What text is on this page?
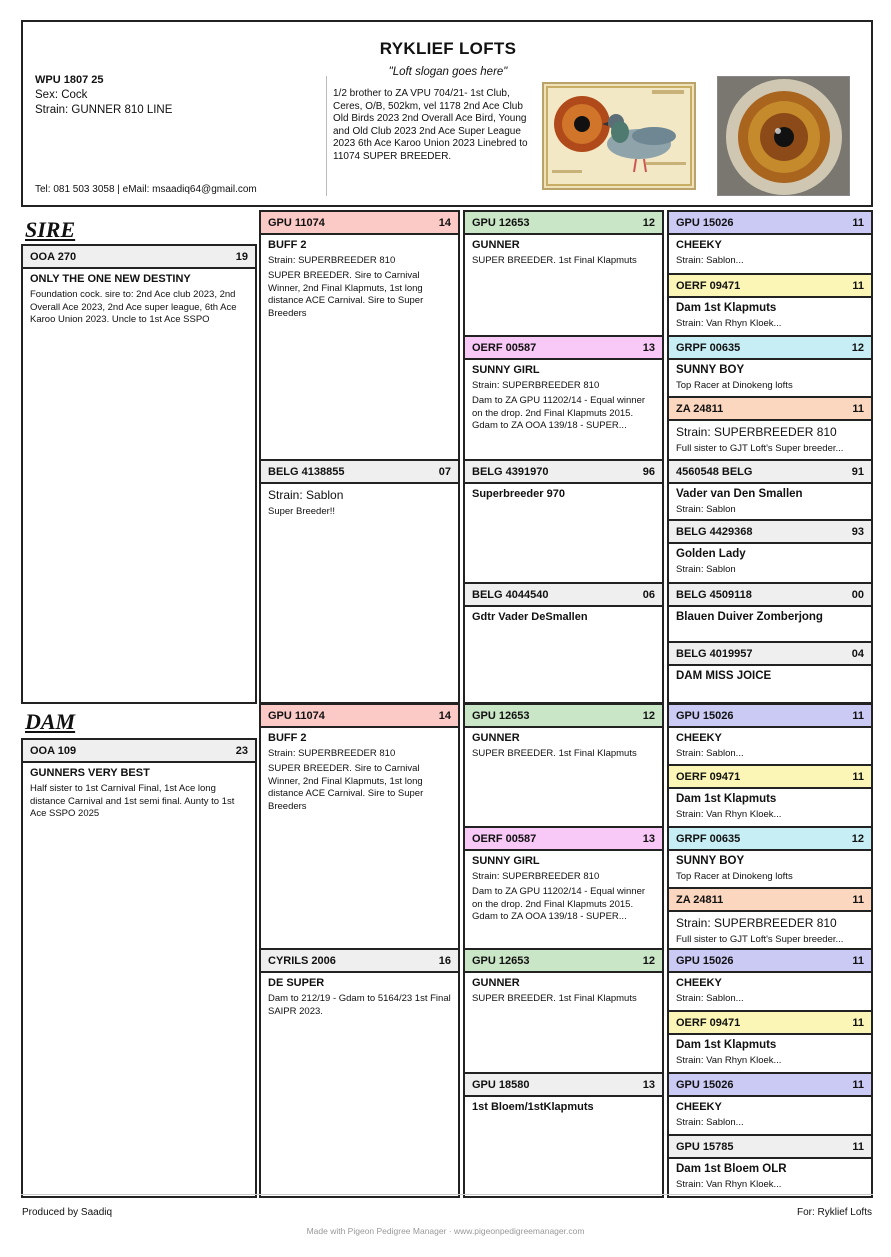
RYKLIEF LOFTS
"Loft slogan goes here"
WPU 1807 25
Sex: Cock
Strain: GUNNER 810 LINE
Tel: 081 503 3058 | eMail: msaadiq64@gmail.com
1/2 brother to ZA VPU 704/21- 1st Club, Ceres, O/B, 502km, vel 1178 2nd Ace Club Old Birds 2023 2nd Overall Ace Bird, Young and Old Club 2023 2nd Ace Super League 2023 6th Ace Karoo Union 2023 Linebred to 11074 SUPER BREEDER.
SIRE
OOA 270	19
ONLY THE ONE NEW DESTINY
Foundation cock. sire to: 2nd Ace club 2023, 2nd Overall Ace 2023, 2nd Ace super league, 6th Ace Karoo Union 2023. Uncle to 1st Ace SSPO
GPU 11074	14
BUFF 2
Strain: SUPERBREEDER 810
SUPER BREEDER. Sire to Carnival Winner, 2nd Final Klapmuts, 1st long distance ACE Carnival. Sire to Super Breeders
BELG 4138855	07
Strain: Sablon
Super Breeder!!
GPU 12653	12
GUNNER
SUPER BREEDER. 1st Final Klapmuts
OERF 00587	13
SUNNY GIRL
Strain: SUPERBREEDER 810
Dam to ZA GPU 11202/14 - Equal winner on the drop. 2nd Final Klapmuts 2015.
Gdam to ZA OOA 139/18 - SUPER...
BELG 4391970	96
Superbreeder 970
BELG 4044540	06
Gdtr Vader DeSmallen
GPU 15026	11
CHEEKY
Strain: Sablon...
OERF 09471	11
Dam 1st Klapmuts
Strain: Van Rhyn Kloek...
GRPF 00635	12
SUNNY BOY
Top Racer at Dinokeng lofts
ZA 24811	11
Strain: SUPERBREEDER 810
Full sister to GJT Loft's Super breeder...
4560548 BELG	91
Vader van Den Smallen
Strain: Sablon
BELG 4429368	93
Golden Lady
Strain: Sablon
BELG 4509118	00
Blauen Duiver Zomberjong
BELG 4019957	04
DAM MISS JOICE
DAM
OOA 109	23
GUNNERS VERY BEST
Half sister to 1st Carnival Final, 1st Ace long distance Carnival and 1st semi final. Aunty to 1st Ace SSPO 2025
GPU 11074	14
BUFF 2
Strain: SUPERBREEDER 810
SUPER BREEDER. Sire to Carnival Winner, 2nd Final Klapmuts, 1st long distance ACE Carnival. Sire to Super Breeders
CYRILS 2006	16
DE SUPER
Dam to 212/19 - Gdam to 5164/23 1st Final SAIPR 2023.
GPU 12653	12
GUNNER
SUPER BREEDER. 1st Final Klapmuts
OERF 00587	13
SUNNY GIRL
Strain: SUPERBREEDER 810
Dam to ZA GPU 11202/14 - Equal winner on the drop. 2nd Final Klapmuts 2015.
Gdam to ZA OOA 139/18 - SUPER...
GPU 12653	12
GUNNER
SUPER BREEDER. 1st Final Klapmuts
GPU 18580	13
1st Bloem/1stKlapmuts
GPU 15026	11
CHEEKY
Strain: Sablon...
OERF 09471	11
Dam 1st Klapmuts
Strain: Van Rhyn Kloek...
GRPF 00635	12
SUNNY BOY
Top Racer at Dinokeng lofts
ZA 24811	11
Strain: SUPERBREEDER 810
Full sister to GJT Loft's Super breeder...
GPU 15026	11
CHEEKY
Strain: Sablon...
OERF 09471	11
Dam 1st Klapmuts
Strain: Van Rhyn Kloek...
GPU 15026	11
CHEEKY
Strain: Sablon...
GPU 15785	11
Dam 1st Bloem OLR
Strain: Van Rhyn Kloek...
Produced by Saadiq	For: Ryklief Lofts
Made with Pigeon Pedigree Manager · www.pigeonpedigreemanager.com
